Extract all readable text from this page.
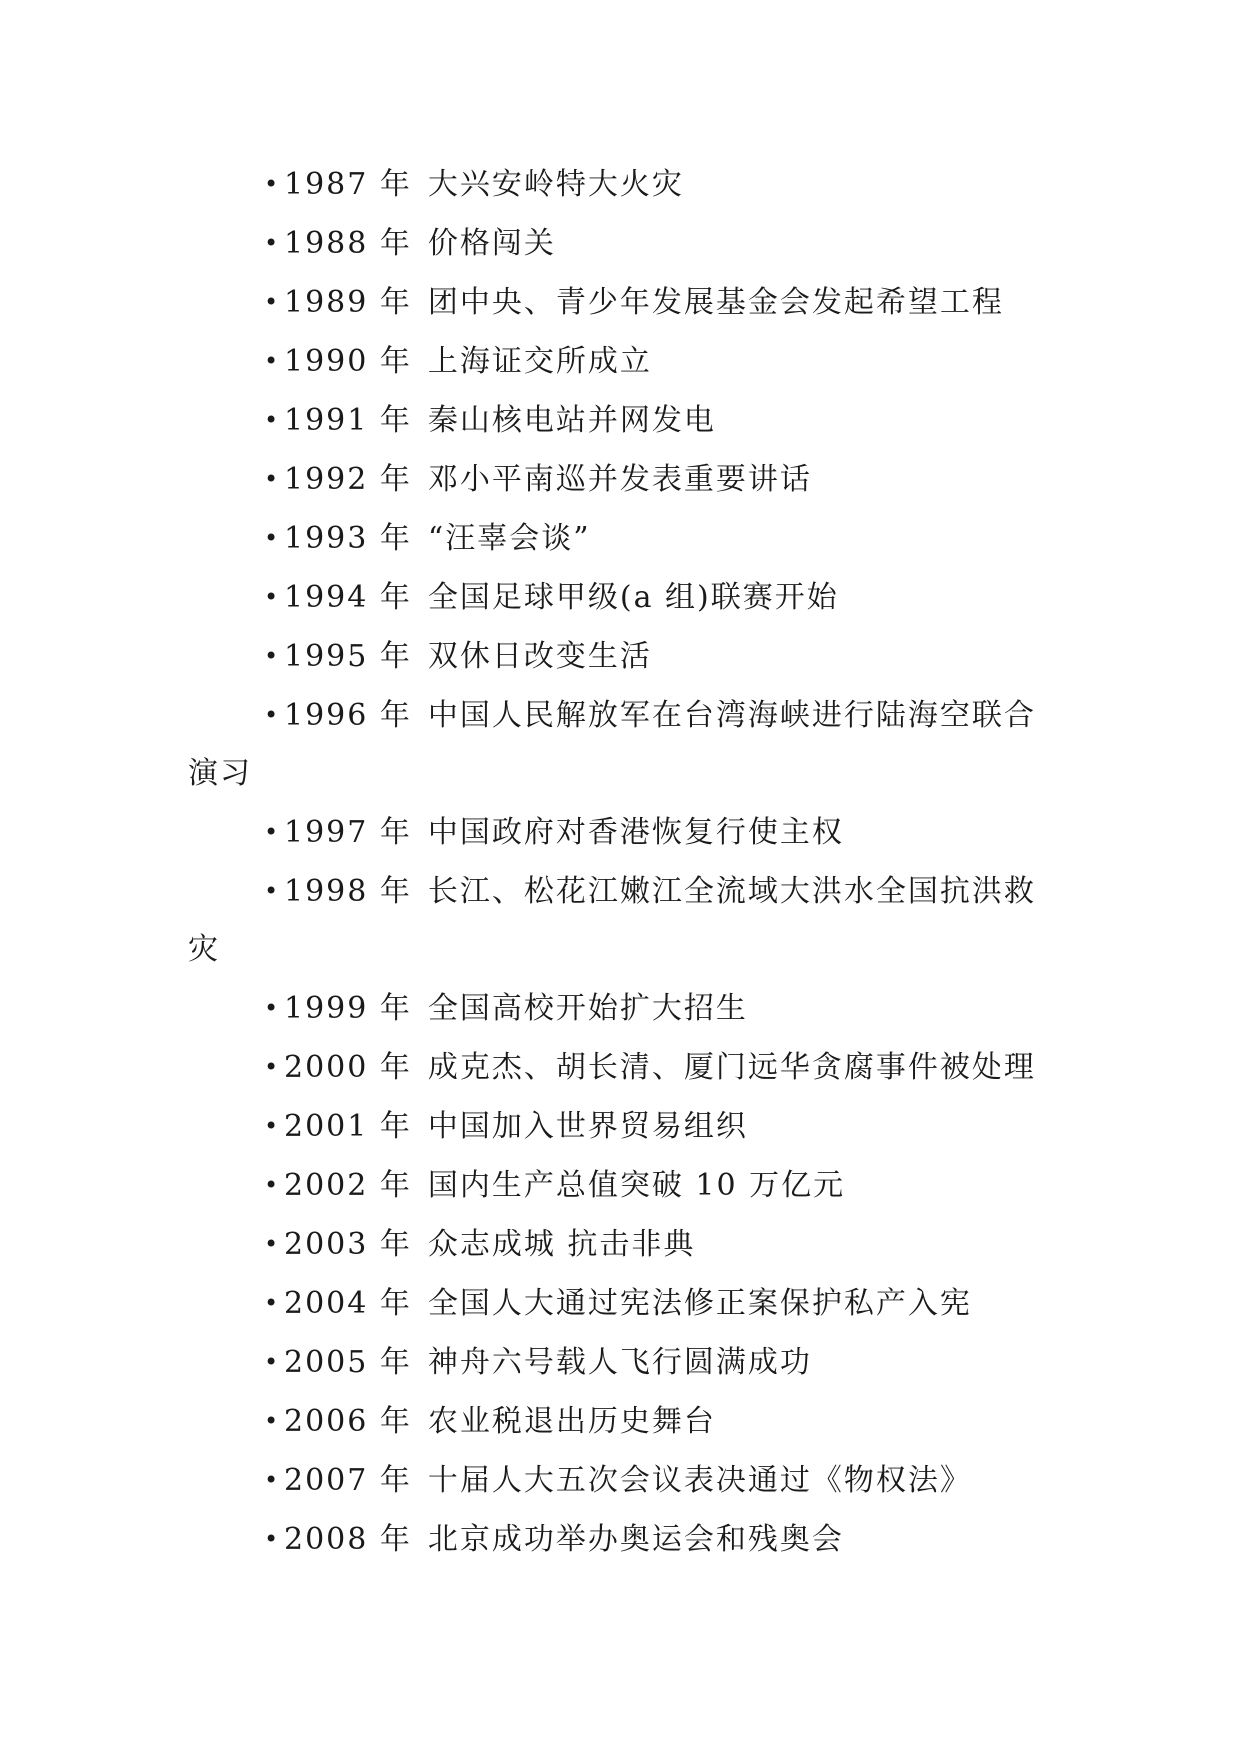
• 1987 年 大兴安岭特大火灾
• 1988 年 价格闯关
• 1989 年 团中央、青少年发展基金会发起希望工程
• 1990 年 上海证交所成立
• 1991 年 秦山核电站并网发电
• 1992 年 邓小平南巡并发表重要讲话
• 1993 年 “汪辜会谈”
• 1994 年 全国足球甲级(a 组)联赛开始
• 1995 年 双休日改变生活
• 1996 年 中国人民解放军在台湾海峡进行陆海空联合演习
• 1997 年 中国政府对香港恢复行使主权
• 1998 年 长江、松花江嫩江全流域大洪水全国抗洪救灾
• 1999 年 全国高校开始扩大招生
• 2000 年 成克杰、胡长清、厦门远华贪腐事件被处理
• 2001 年 中国加入世界贸易组织
• 2002 年 国内生产总值突破 10 万亿元
• 2003 年 众志成城 抗击非典
• 2004 年 全国人大通过宪法修正案保护私产入宪
• 2005 年 神舟六号载人飞行圆满成功
• 2006 年 农业税退出历史舞台
• 2007 年 十届人大五次会议表决通过《物权法》
• 2008 年 北京成功举办奥运会和残奥会
